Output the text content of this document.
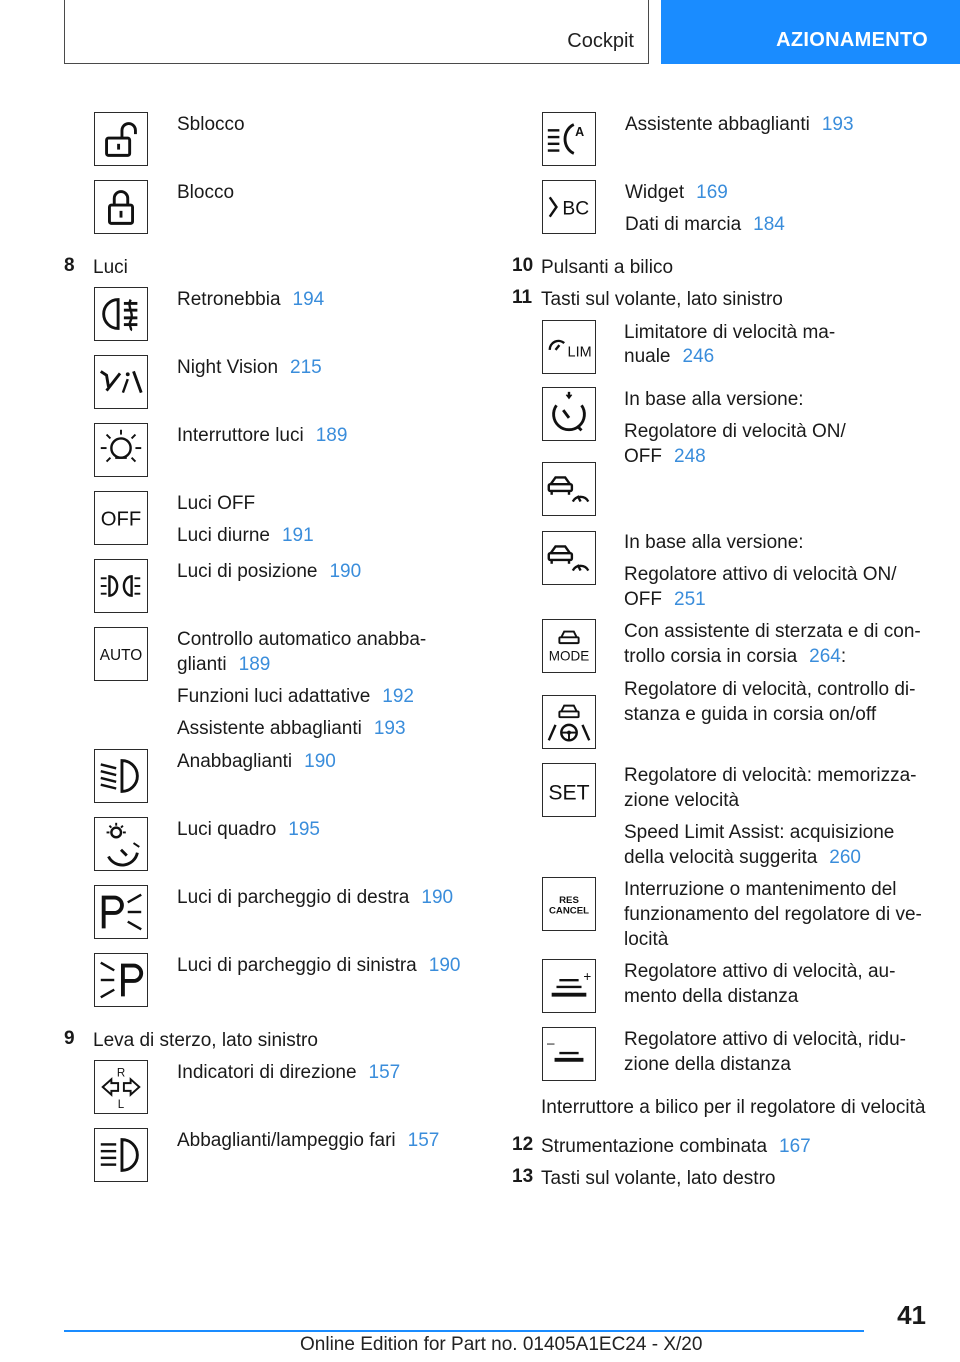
Cockpit	AZIONAMENTO
Sblocco
Blocco
8 Luci
Retronebbia 194
Night Vision 215
Interruttore luci 189
OFF
Luci OFF
Luci diurne 191
Luci di posizione 190
AUTO
Controllo automatico anabba-
glianti 189
Funzioni luci adattative 192
Assistente abbaglianti 193
Anabbaglianti 190
Luci quadro 195
Luci di parcheggio di destra 190
Luci di parcheggio di sinistra 190
9 Leva di sterzo, lato sinistro
R
L
Indicatori di direzione 157
Abbaglianti/lampeggio fari 157
A Assistente abbaglianti 193
BC
Widget 169
Dati di marcia 184
10 Pulsanti a bilico
11 Tasti sul volante, lato sinistro
LIM
Limitatore di velocità ma-
nuale 246
In base alla versione:
Regolatore di velocità ON/
OFF 248
In base alla versione:
Regolatore attivo di velocità ON/
OFF 251
MODE
Con assistente di sterzata e di con-
trollo corsia in corsia 264:
Regolatore di velocità, controllo di-
stanza e guida in corsia on/off
SET
Regolatore di velocità: memorizza-
zione velocità
Speed Limit Assist: acquisizione
della velocità suggerita 260
RES
CANCEL
Interruzione o mantenimento del
funzionamento del regolatore di ve-
locità
+ Regolatore attivo di velocità, au-
mento della distanza
–	Regolatore attivo di velocità, ridu-
zione della distanza
Interruttore a bilico per il regolatore di velocità
12 Strumentazione combinata 167
13 Tasti sul volante, lato destro
41
Online Edition for Part no. 01405A1EC24 - X/20
